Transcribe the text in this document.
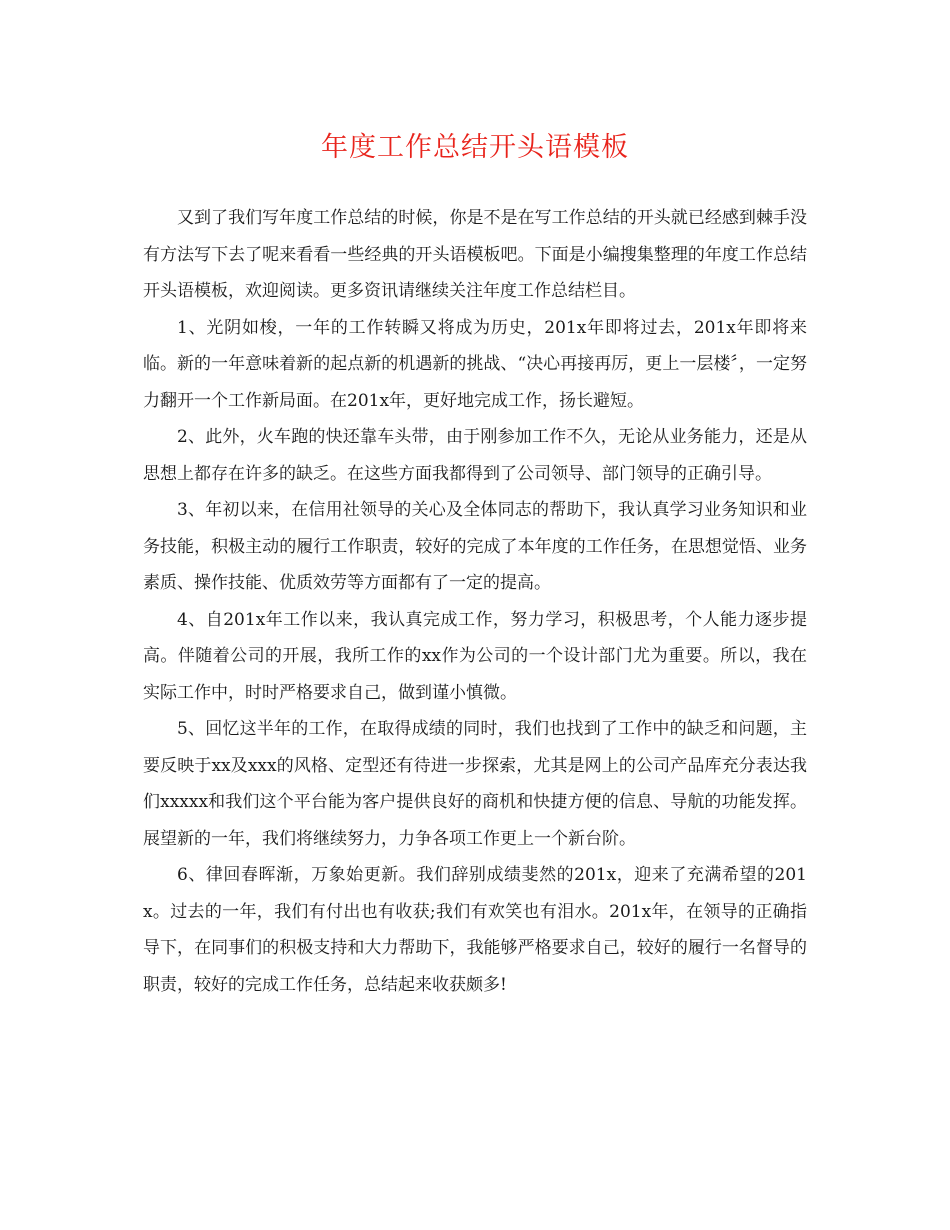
年度工作总结开头语模板

又到了我们写年度工作总结的时候，你是不是在写工作总结的开头就已经感到棘手没有方法写下去了呢来看看一些经典的开头语模板吧。下面是小编搜集整理的年度工作总结开头语模板，欢迎阅读。更多资讯请继续关注年度工作总结栏目。

1、光阴如梭，一年的工作转瞬又将成为历史，201x年即将过去，201x年即将来临。新的一年意味着新的起点新的机遇新的挑战、“决心再接再厉，更上一层楼〞，一定努力翻开一个工作新局面。在201x年，更好地完成工作，扬长避短。

2、此外，火车跑的快还靠车头带，由于刚参加工作不久，无论从业务能力，还是从思想上都存在许多的缺乏。在这些方面我都得到了公司领导、部门领导的正确引导。

3、年初以来，在信用社领导的关心及全体同志的帮助下，我认真学习业务知识和业务技能，积极主动的履行工作职责，较好的完成了本年度的工作任务，在思想觉悟、业务素质、操作技能、优质效劳等方面都有了一定的提高。

4、自201x年工作以来，我认真完成工作，努力学习，积极思考，个人能力逐步提高。伴随着公司的开展，我所工作的xx作为公司的一个设计部门尤为重要。所以，我在实际工作中，时时严格要求自己，做到谨小慎微。

5、回忆这半年的工作，在取得成绩的同时，我们也找到了工作中的缺乏和问题，主要反映于xx及xxx的风格、定型还有待进一步探索，尤其是网上的公司产品库充分表达我们xxxxx和我们这个平台能为客户提供良好的商机和快捷方便的信息、导航的功能发挥。展望新的一年，我们将继续努力，力争各项工作更上一个新台阶。

6、律回春晖渐，万象始更新。我们辞别成绩斐然的201x，迎来了充满希望的201x。过去的一年，我们有付出也有收获;我们有欢笑也有泪水。201x年，在领导的正确指导下，在同事们的积极支持和大力帮助下，我能够严格要求自己，较好的履行一名督导的职责，较好的完成工作任务，总结起来收获颇多!
